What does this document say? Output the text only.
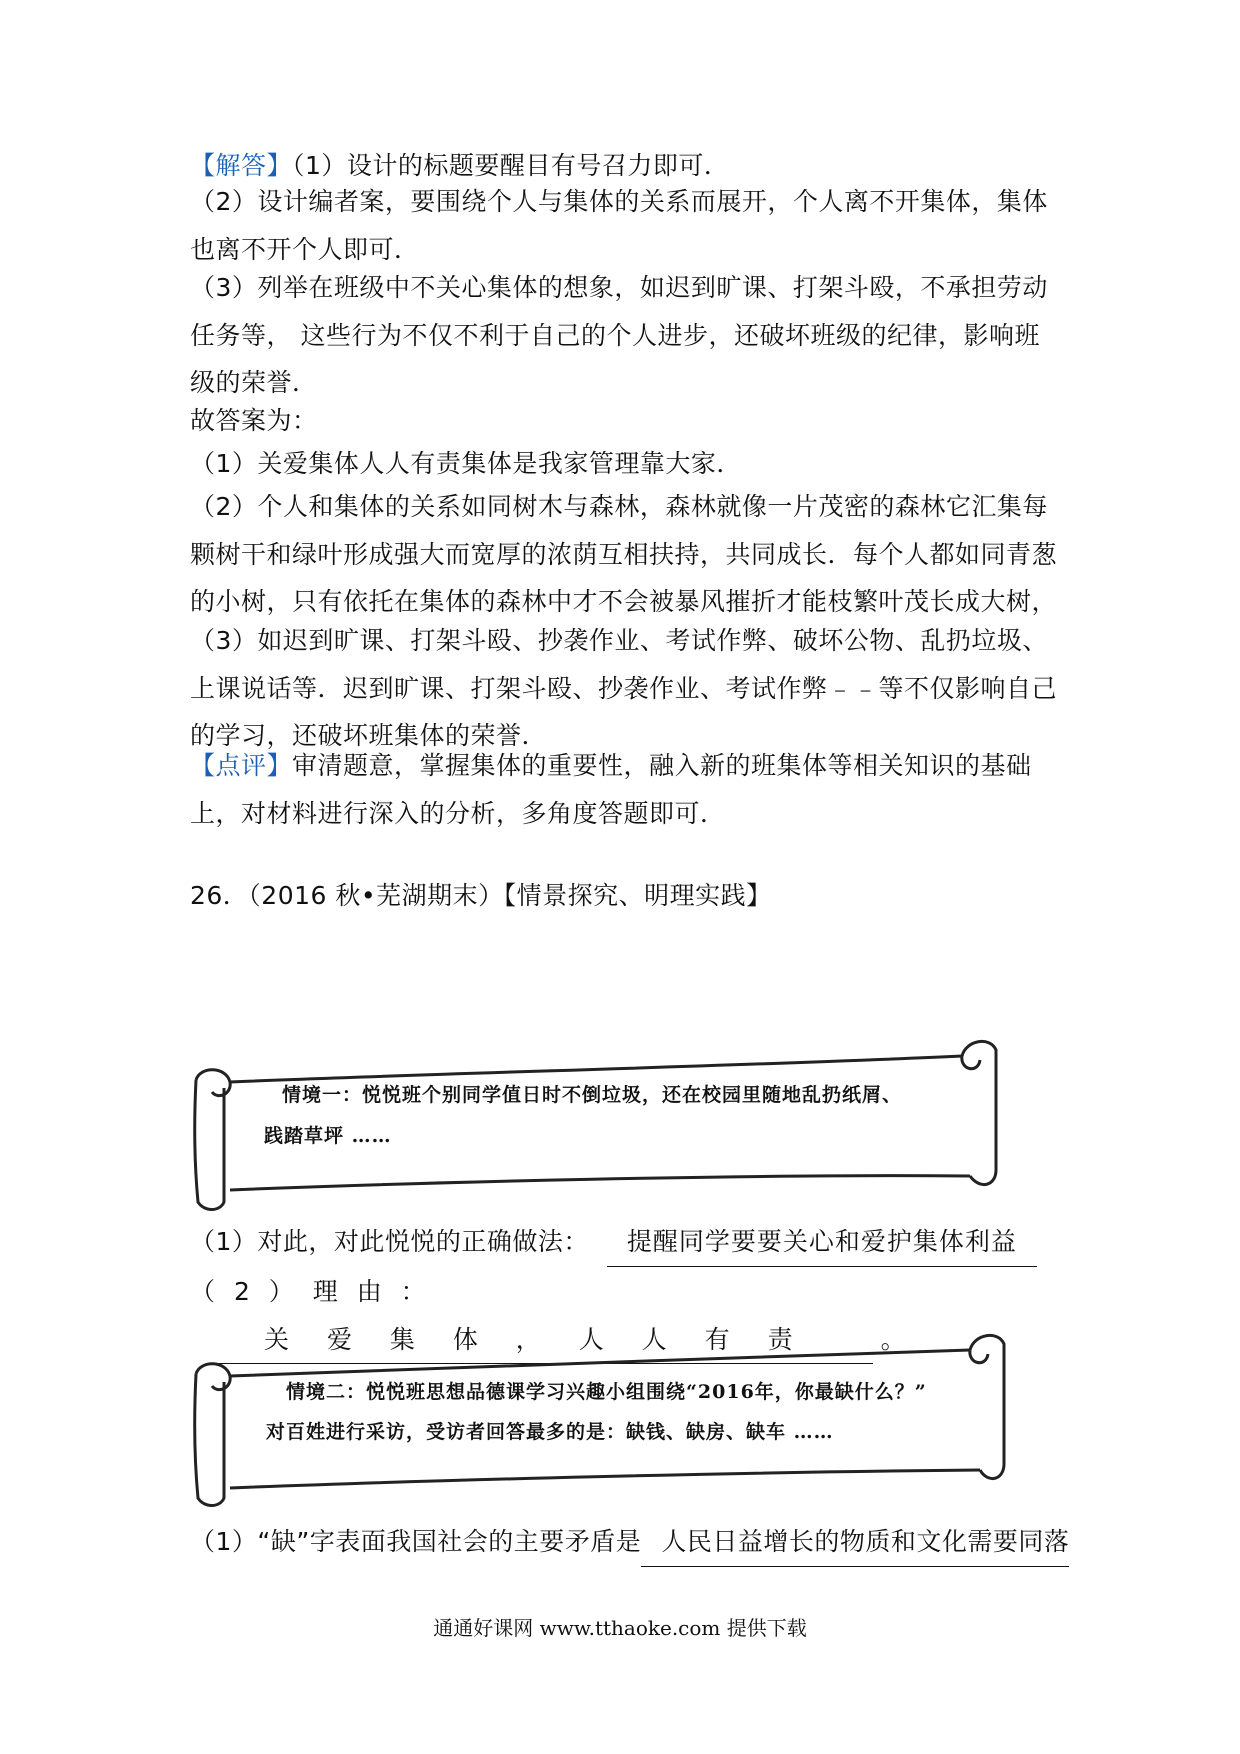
【解答】（1）设计的标题要醒目有号召力即可．

（2）设计编者案，要围绕个人与集体的关系而展开，个人离不开集体，集体也离不开个人即可．

（3）列举在班级中不关心集体的想象，如迟到旷课、打架斗殴，不承担劳动任务等， 这些行为不仅不利于自己的个人进步，还破坏班级的纪律，影响班级的荣誉．

故答案为：

（1）关爱集体人人有责集体是我家管理靠大家．

（2）个人和集体的关系如同树木与森林，森林就像一片茂密的森林它汇集每颗树干和绿叶形成强大而宽厚的浓荫互相扶持，共同成长．每个人都如同青葱的小树，只有依托在集体的森林中才不会被暴风摧折才能枝繁叶茂长成大树，

（3）如迟到旷课、打架斗殴、抄袭作业、考试作弊、破坏公物、乱扔垃圾、上课说话等．迟到旷课、打架斗殴、抄袭作业、考试作弊﹣﹣等不仅影响自己的学习，还破坏班集体的荣誉．

【点评】审清题意，掌握集体的重要性，融入新的班集体等相关知识的基础上，对材料进行深入的分析，多角度答题即可．

26．（2016 秋•芜湖期末）【情景探究、明理实践】

情境一：悦悦班个别同学值日时不倒垃圾，还在校园里随地乱扔纸屑、
践踏草坪 ……

（1）对此，对此悦悦的正确做法： 提醒同学要要关心和爱护集体利益

（ 2 ） 理 由 ：关 爱 集 体 ， 人 人 有 责	。

情境二：悦悦班思想品德课学习兴趣小组围绕“2016年，你最缺什么？”
对百姓进行采访，受访者回答最多的是：缺钱、缺房、缺车 ……

（1）“缺”字表面我国社会的主要矛盾是 人民日益增长的物质和文化需要同落

通通好课网 www.tthaoke.com 提供下载
